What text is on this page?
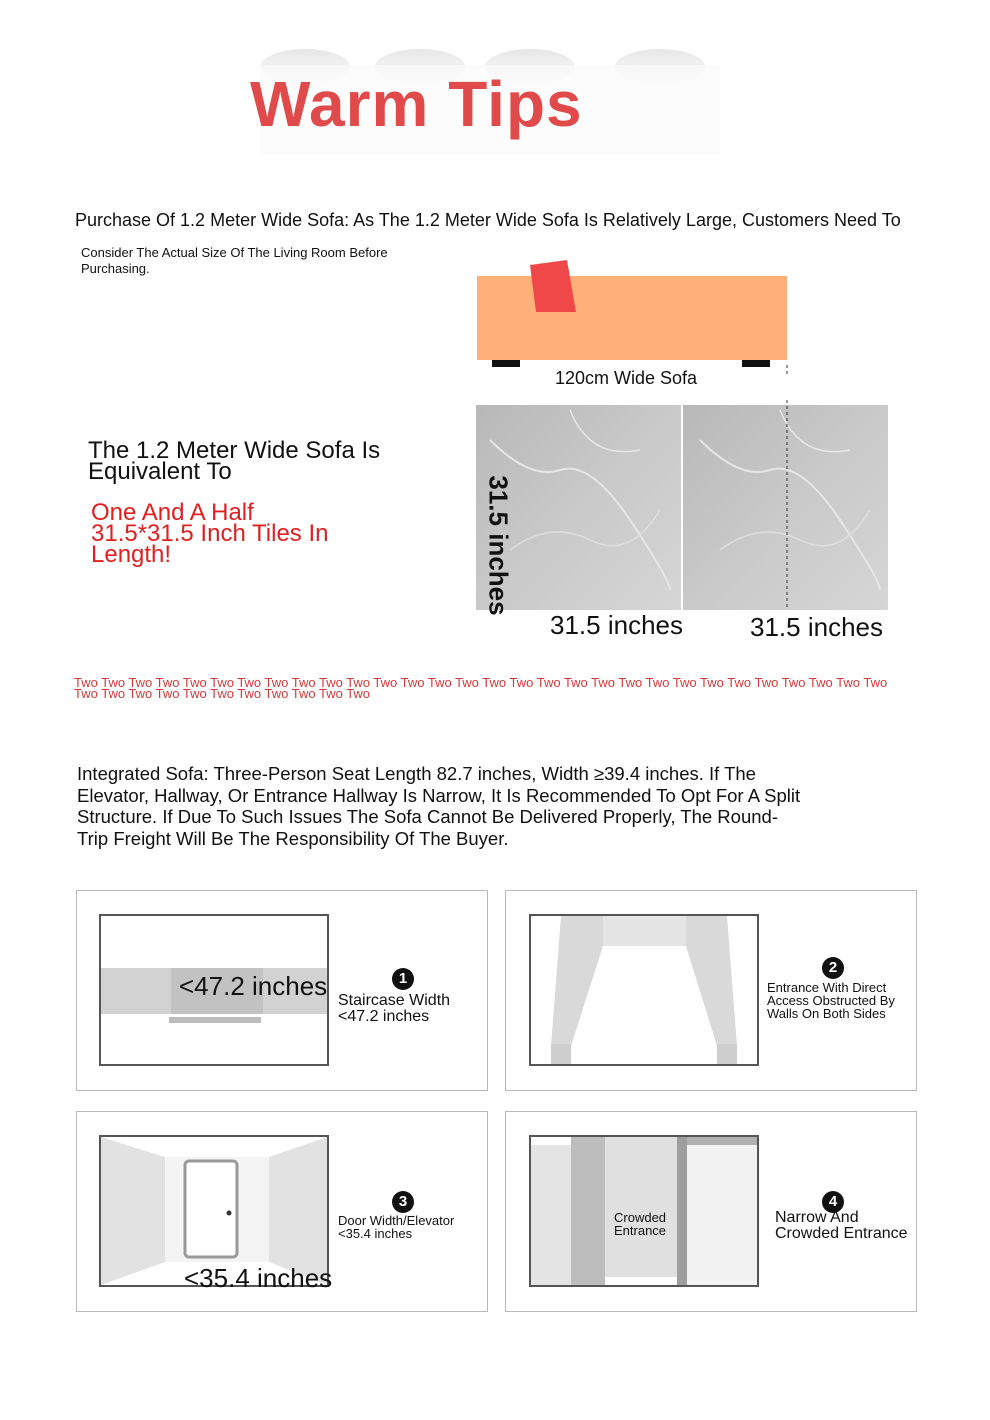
Warm Tips
Purchase Of 1.2 Meter Wide Sofa: As The 1.2 Meter Wide Sofa Is Relatively Large, Customers Need To
Consider The Actual Size Of The Living Room Before Purchasing.
120cm Wide Sofa
The 1.2 Meter Wide Sofa Is Equivalent To
One And A Half 31.5*31.5 Inch Tiles In Length!	31.5 inches
31.5 inches	31.5 inches
Two Two Two Two Two Two Two Two Two Two Two Two Two Two Two Two Two Two Two Two Two Two Two Two Two Two Two Two Two Two Two Two Two Two Two Two Two Two Two Two Two
Integrated Sofa: Three-Person Seat Length 82.7 inches, Width ≥39.4 inches. If The Elevator, Hallway, Or Entrance Hallway Is Narrow, It Is Recommended To Opt For A Split Structure. If Due To Such Issues The Sofa Cannot Be Delivered Properly, The Round-Trip Freight Will Be The Responsibility Of The Buyer.
<47.2 inches	1
Staircase Width <47.2 inches
2
Entrance With Direct Access Obstructed By Walls On Both Sides
<35.4 inches
3
Door Width/Elevator <35.4 inches
Crowded Entrance
4
Narrow And Crowded Entrance
